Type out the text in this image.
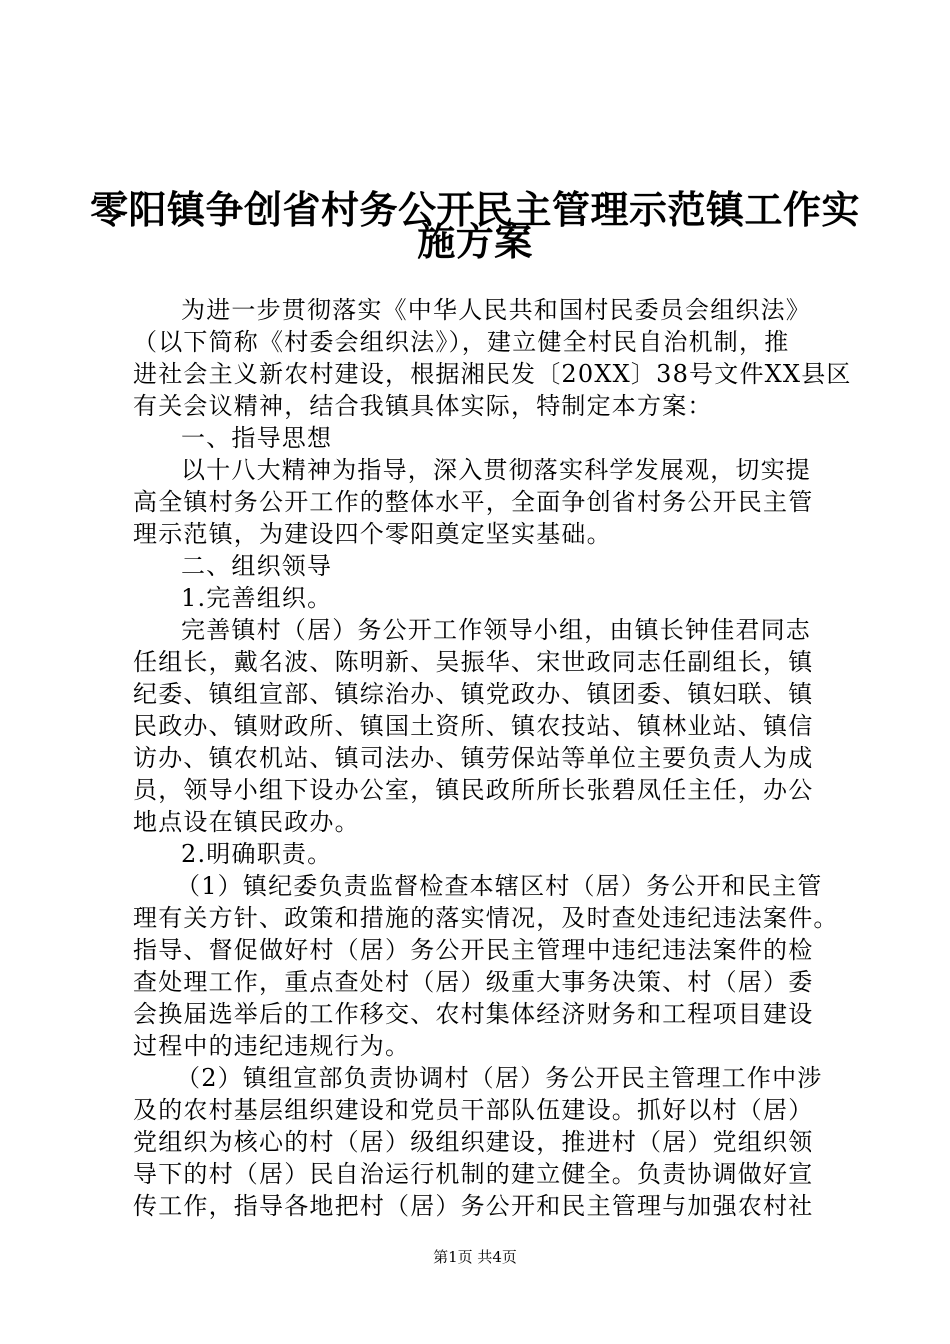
零阳镇争创省村务公开民主管理示范镇工作实
施方案
为进一步贯彻落实《中华人民共和国村民委员会组织法》
（以下简称《村委会组织法》），建立健全村民自治机制，推
进社会主义新农村建设，根据湘民发〔20XX〕38号文件XX县区
有关会议精神，结合我镇具体实际，特制定本方案：
一、指导思想
以十八大精神为指导，深入贯彻落实科学发展观，切实提
高全镇村务公开工作的整体水平，全面争创省村务公开民主管
理示范镇，为建设四个零阳奠定坚实基础。
二、组织领导
1.完善组织。
完善镇村（居）务公开工作领导小组，由镇长钟佳君同志
任组长，戴名波、陈明新、吴振华、宋世政同志任副组长，镇
纪委、镇组宣部、镇综治办、镇党政办、镇团委、镇妇联、镇
民政办、镇财政所、镇国土资所、镇农技站、镇林业站、镇信
访办、镇农机站、镇司法办、镇劳保站等单位主要负责人为成
员，领导小组下设办公室，镇民政所所长张碧凤任主任，办公
地点设在镇民政办。
2.明确职责。
（1）镇纪委负责监督检查本辖区村（居）务公开和民主管
理有关方针、政策和措施的落实情况，及时查处违纪违法案件。
指导、督促做好村（居）务公开民主管理中违纪违法案件的检
查处理工作，重点查处村（居）级重大事务决策、村（居）委
会换届选举后的工作移交、农村集体经济财务和工程项目建设
过程中的违纪违规行为。
（2）镇组宣部负责协调村（居）务公开民主管理工作中涉
及的农村基层组织建设和党员干部队伍建设。抓好以村（居）
党组织为核心的村（居）级组织建设，推进村（居）党组织领
导下的村（居）民自治运行机制的建立健全。负责协调做好宣
传工作，指导各地把村（居）务公开和民主管理与加强农村社
第1页 共4页
